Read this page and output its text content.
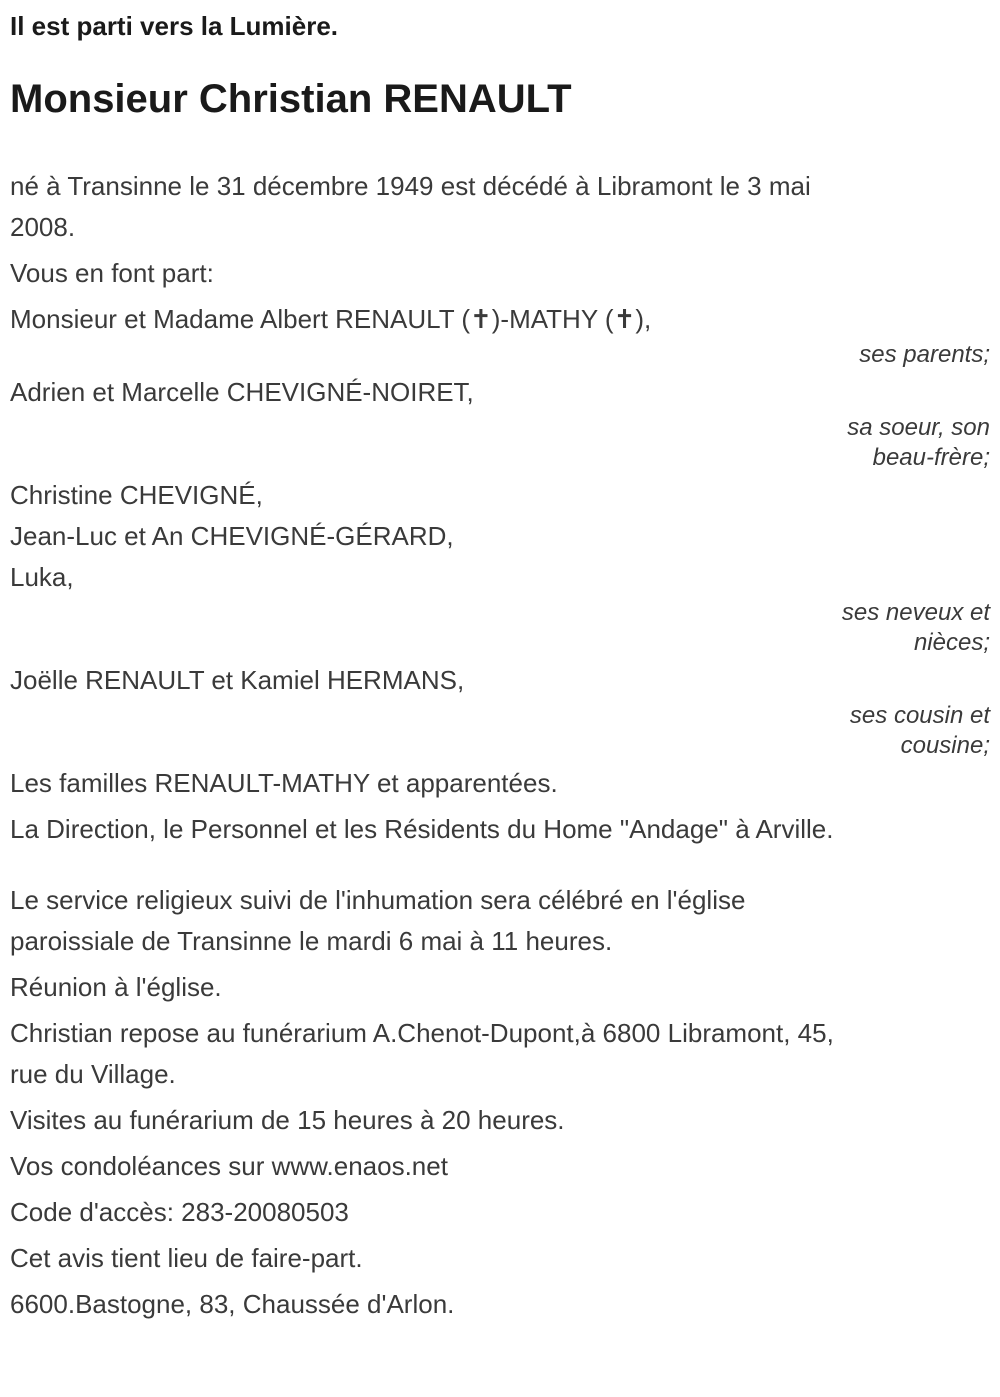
Il est parti vers la Lumière.
Monsieur Christian RENAULT
né à Transinne le 31 décembre 1949 est décédé à Libramont le 3 mai
2008.
Vous en font part:
Monsieur et Madame Albert RENAULT (✝)-MATHY (✝),
ses parents;
Adrien et Marcelle CHEVIGNÉ-NOIRET,
sa soeur, son
beau-frère;
Christine CHEVIGNÉ,
Jean-Luc et An CHEVIGNÉ-GÉRARD,
Luka,
ses neveux et
nièces;
Joëlle RENAULT et Kamiel HERMANS,
ses cousin et
cousine;
Les familles RENAULT-MATHY et apparentées.
La Direction, le Personnel et les Résidents du Home "Andage" à Arville.
Le service religieux suivi de l'inhumation sera célébré en l'église
paroissiale de Transinne le mardi 6 mai à 11 heures.
Réunion à l'église.
Christian repose au funérarium A.Chenot-Dupont,à 6800 Libramont, 45,
rue du Village.
Visites au funérarium de 15 heures à 20 heures.
Vos condoléances sur www.enaos.net
Code d'accès: 283-20080503
Cet avis tient lieu de faire-part.
6600.Bastogne, 83, Chaussée d'Arlon.
